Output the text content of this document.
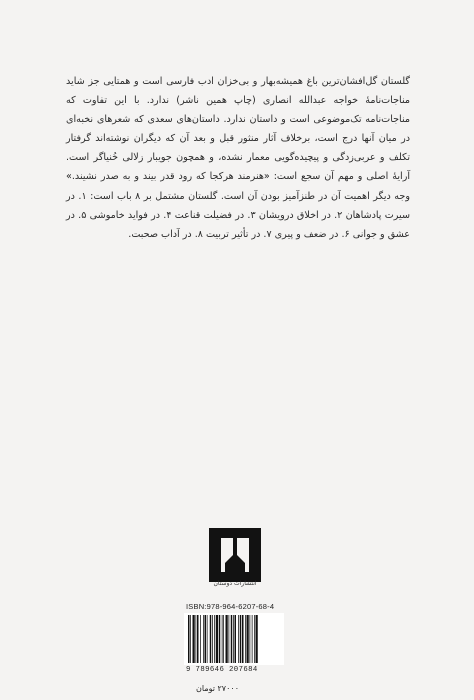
گلستان گل‌افشان‌ترین باغ همیشه‌بهار و بی‌خزان ادب فارسی است و همتایی جز شاید مناجات‌نامهٔ خواجه عبدالله انصاری (چاپ همین ناشر) ندارد. با این تفاوت که مناجات‌نامه تک‌موضوعی است و داستان ندارد. داستان‌های سعدی که شعرهای نخبه‌ای در میان آنها درج است، برخلاف آثار منثور قبل و بعد آن که دیگران نوشته‌اند گرفتار تکلف و عربی‌زدگی و پیچیده‌گویی معمار نشده، و همچون جویبار زلالی خُنیاگر است. آرایهٔ اصلی و مهم آن سجع است: «هنرمند هرکجا که رود قدر بیند و به صدر نشیند.» وجه دیگر اهمیت آن در طنزآمیز بودن آن است. گلستان مشتمل بر ۸ باب است: ۱. در سیرت پادشاهان ۲. در اخلاق درویشان ۳. در فضیلت قناعت ۴. در فواید خاموشی ۵. در عشق و جوانی ۶. در ضعف و پیری ۷. در تأثیر تربیت ۸. در آداب صحبت.

انتشارات دوستان
ISBN:978-964-6207-68-4
9 789646 207684
۲۷۰۰۰ تومان
